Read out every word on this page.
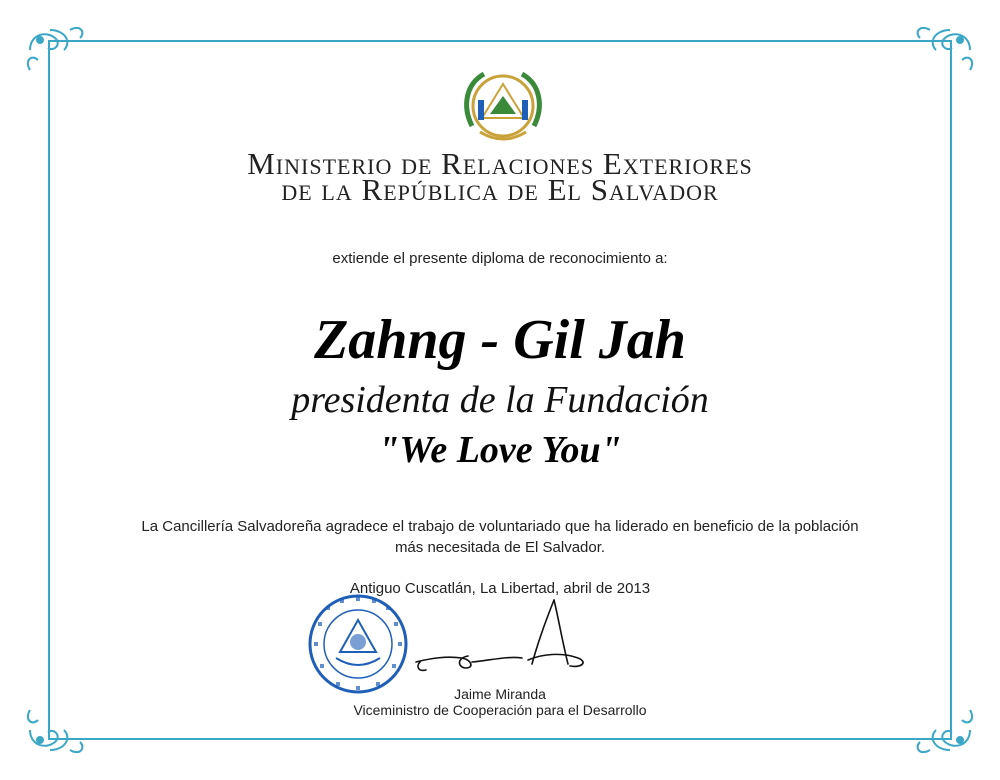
Ministerio de Relaciones Exteriores
de la República de El Salvador
extiende el presente diploma de reconocimiento a:
Zahng - Gil Jah
presidenta de la Fundación
"We Love You"
La Cancillería Salvadoreña agradece el trabajo de voluntariado que ha liderado en beneficio de la población más necesitada de El Salvador.
Antiguo Cuscatlán, La Libertad, abril de 2013
Jaime Miranda
Viceministro de Cooperación para el Desarrollo
